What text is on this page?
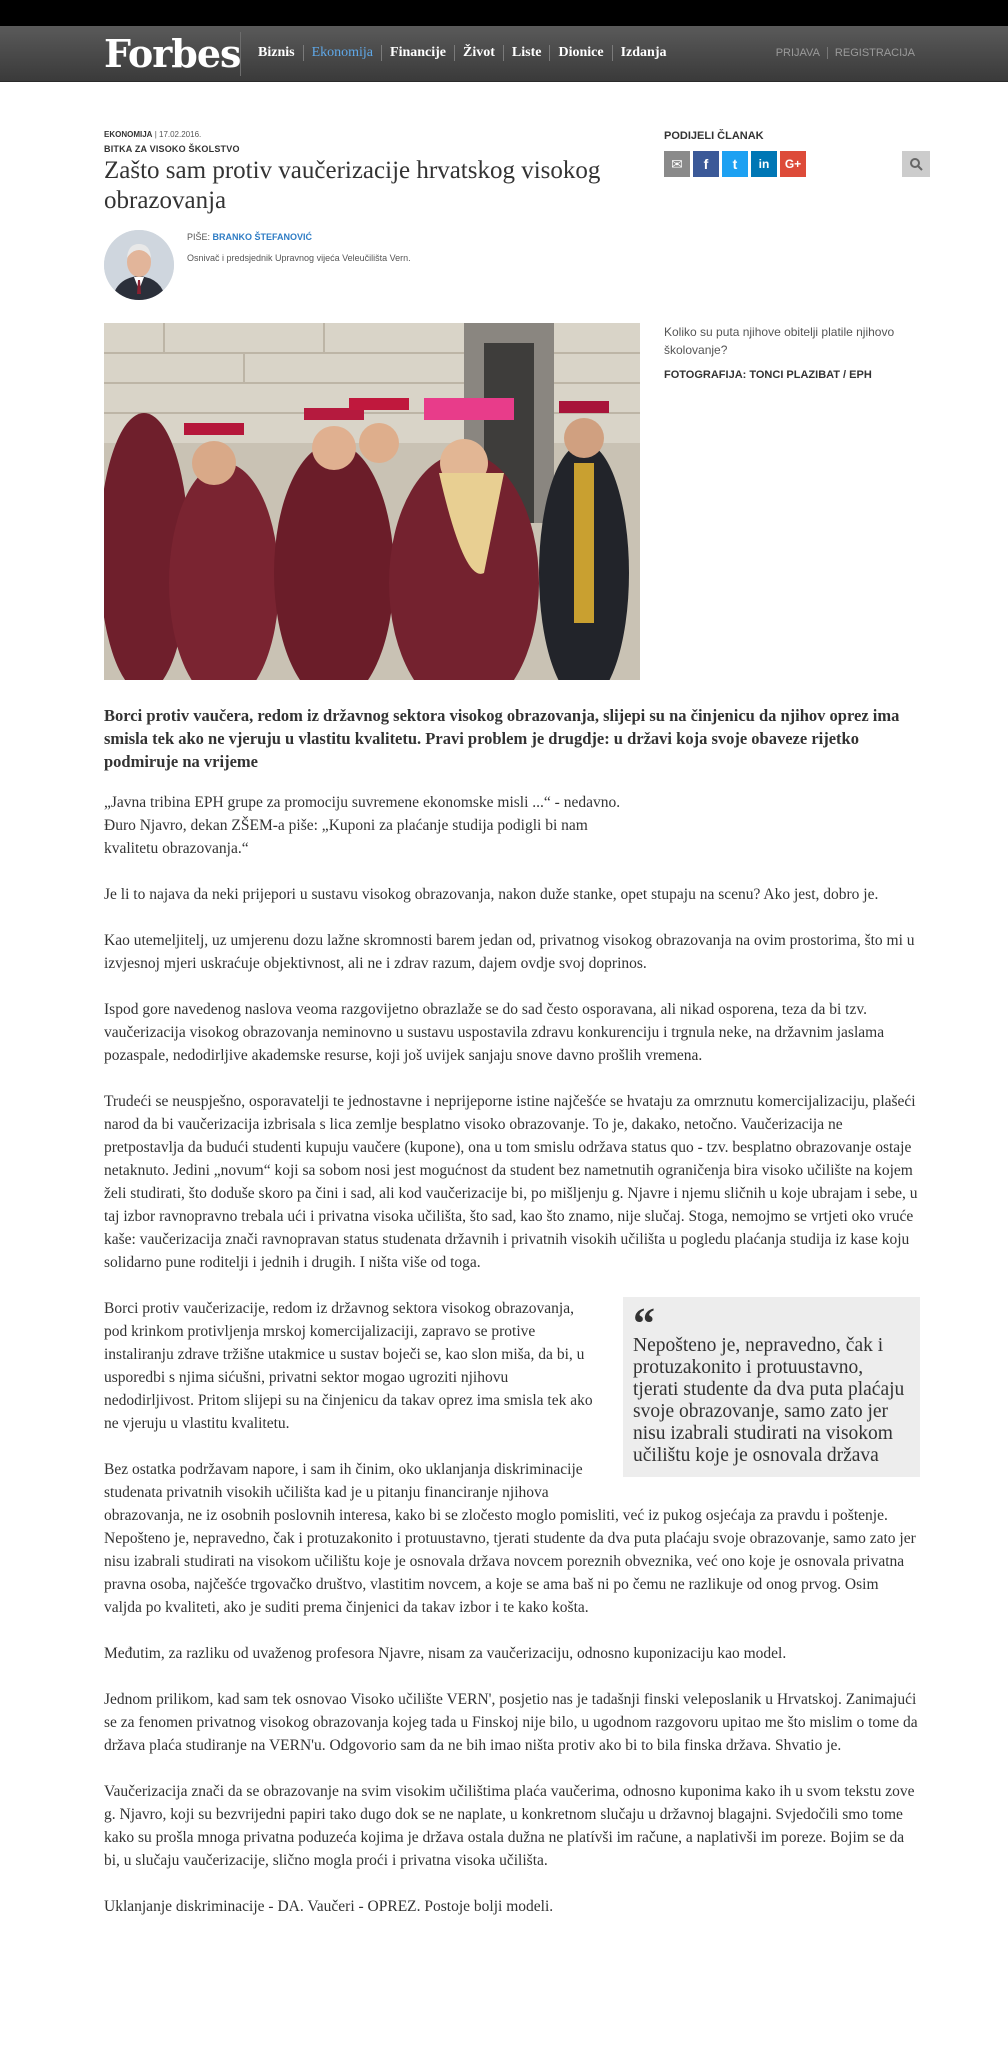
Forbes	Biznis	Ekonomija	Financije	Život	Liste	Dionice	Izdanja	PRIJAVA	REGISTRACIJA
EKONOMIJA | 17.02.2016.
BITKA ZA VISOKO ŠKOLSTVO
Zašto sam protiv vaučerizacije hrvatskog visokog obrazovanja
PIŠE: BRANKO ŠTEFANOVIĆ
Osnivač i predsjednik Upravnog vijeća Veleučilišta Vern.
PODIJELI ČLANAK
✉	f	t	in	G+
Koliko su puta njihove obitelji platile njihovo školovanje?
FOTOGRAFIJA: TONCI PLAZIBAT / EPH

Borci protiv vaučera, redom iz državnog sektora visokog obrazovanja, slijepi su na činjenicu da njihov oprez ima smisla tek ako ne vjeruju u vlastitu kvalitetu. Pravi problem je drugdje: u državi koja svoje obaveze rijetko podmiruje na vrijeme

„Javna tribina EPH grupe za promociju suvremene ekonomske misli ...“ - nedavno. Đuro Njavro, dekan ZŠEM-a piše: „Kuponi za plaćanje studija podigli bi nam kvalitetu obrazovanja.“

Je li to najava da neki prijepori u sustavu visokog obrazovanja, nakon duže stanke, opet stupaju na scenu? Ako jest, dobro je.

Kao utemeljitelj, uz umjerenu dozu lažne skromnosti barem jedan od, privatnog visokog obrazovanja na ovim prostorima, što mi u izvjesnoj mjeri uskraćuje objektivnost, ali ne i zdrav razum, dajem ovdje svoj doprinos.

Ispod gore navedenog naslova veoma razgovijetno obrazlaže se do sad često osporavana, ali nikad osporena, teza da bi tzv. vaučerizacija visokog obrazovanja neminovno u sustavu uspostavila zdravu konkurenciju i trgnula neke, na državnim jaslama pozaspale, nedodirljive akademske resurse, koji još uvijek sanjaju snove davno prošlih vremena.

Trudeći se neuspješno, osporavatelji te jednostavne i neprijeporne istine najčešće se hvataju za omrznutu komercijalizaciju, plašeći narod da bi vaučerizacija izbrisala s lica zemlje besplatno visoko obrazovanje. To je, dakako, netočno. Vaučerizacija ne pretpostavlja da budući studenti kupuju vaučere (kupone), ona u tom smislu održava status quo - tzv. besplatno obrazovanje ostaje netaknuto. Jedini „novum“ koji sa sobom nosi jest mogućnost da student bez nametnutih ograničenja bira visoko učilište na kojem želi studirati, što doduše skoro pa čini i sad, ali kod vaučerizacije bi, po mišljenju g. Njavre i njemu sličnih u koje ubrajam i sebe, u taj izbor ravnopravno trebala ući i privatna visoka učilišta, što sad, kao što znamo, nije slučaj. Stoga, nemojmo se vrtjeti oko vruće kaše: vaučerizacija znači ravnopravan status studenata državnih i privatnih visokih učilišta u pogledu plaćanja studija iz kase koju solidarno pune roditelji i jednih i drugih. I ništa više od toga.

“
Nepošteno je, nepravedno, čak i protuzakonito i protuustavno, tjerati studente da dva puta plaćaju svoje obrazovanje, samo zato jer nisu izabrali studirati na visokom učilištu koje je osnovala država

Borci protiv vaučerizacije, redom iz državnog sektora visokog obrazovanja, pod krinkom protivljenja mrskoj komercijalizaciji, zapravo se protive instaliranju zdrave tržišne utakmice u sustav boječi se, kao slon miša, da bi, u usporedbi s njima sićušni, privatni sektor mogao ugroziti njihovu nedodirljivost. Pritom slijepi su na činjenicu da takav oprez ima smisla tek ako ne vjeruju u vlastitu kvalitetu.

Bez ostatka podržavam napore, i sam ih činim, oko uklanjanja diskriminacije studenata privatnih visokih učilišta kad je u pitanju financiranje njihova obrazovanja, ne iz osobnih poslovnih interesa, kako bi se zločesto moglo pomisliti, već iz pukog osjećaja za pravdu i poštenje. Nepošteno je, nepravedno, čak i protuzakonito i protuustavno, tjerati studente da dva puta plaćaju svoje obrazovanje, samo zato jer nisu izabrali studirati na visokom učilištu koje je osnovala država novcem poreznih obveznika, već ono koje je osnovala privatna pravna osoba, najčešće trgovačko društvo, vlastitim novcem, a koje se ama baš ni po čemu ne razlikuje od onog prvog. Osim valjda po kvaliteti, ako je suditi prema činjenici da takav izbor i te kako košta.

Međutim, za razliku od uvaženog profesora Njavre, nisam za vaučerizaciju, odnosno kuponizaciju kao model.

Jednom prilikom, kad sam tek osnovao Visoko učilište VERN', posjetio nas je tadašnji finski veleposlanik u Hrvatskoj. Zanimajući se za fenomen privatnog visokog obrazovanja kojeg tada u Finskoj nije bilo, u ugodnom razgovoru upitao me što mislim o tome da država plaća studiranje na VERN'u. Odgovorio sam da ne bih imao ništa protiv ako bi to bila finska država. Shvatio je.

Vaučerizacija znači da se obrazovanje na svim visokim učilištima plaća vaučerima, odnosno kuponima kako ih u svom tekstu zove g. Njavro, koji su bezvrijedni papiri tako dugo dok se ne naplate, u konkretnom slučaju u državnoj blagajni. Svjedočili smo tome kako su prošla mnoga privatna poduzeća kojima je država ostala dužna ne platívši im račune, a naplativši im poreze. Bojim se da bi, u slučaju vaučerizacije, slično mogla proći i privatna visoka učilišta.

Uklanjanje diskriminacije - DA. Vaučeri - OPREZ. Postoje bolji modeli.
